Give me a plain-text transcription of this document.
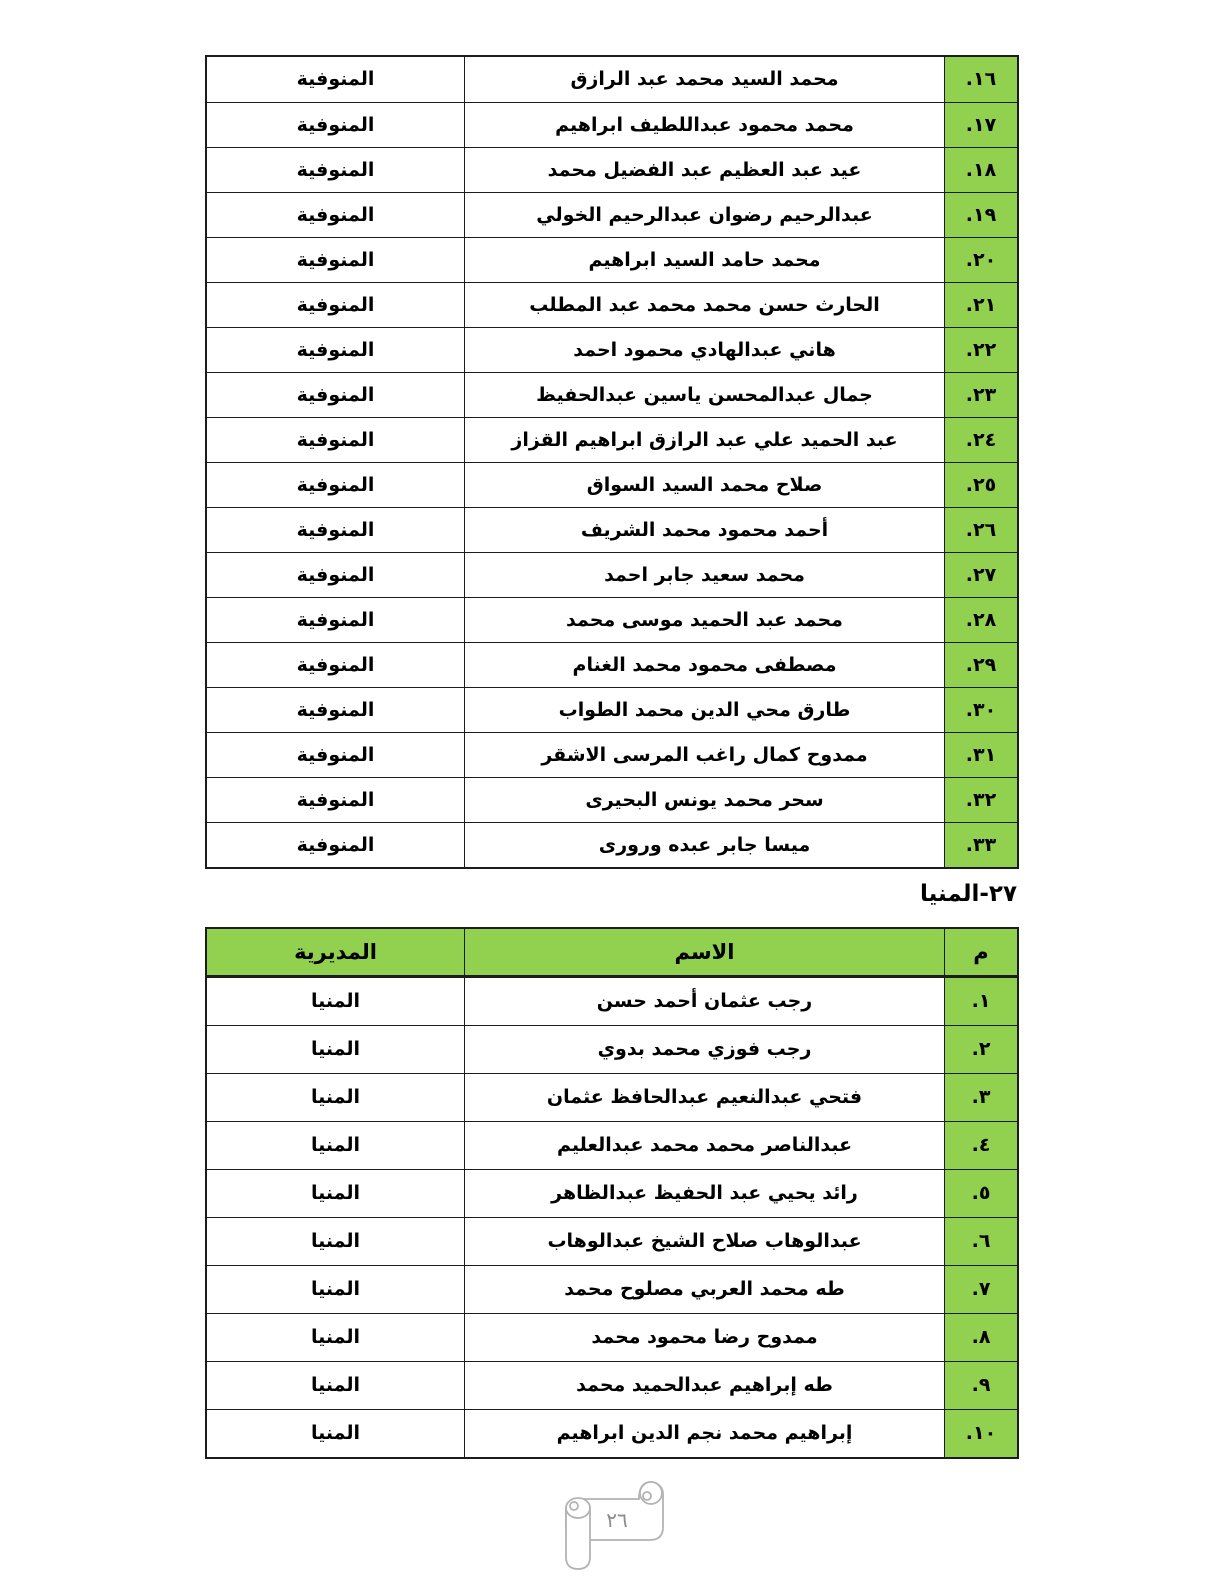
١٦.
محمد السيد محمد عبد الرازق
المنوفية
١٧.
محمد محمود عبداللطيف ابراهيم
المنوفية
١٨.
عيد عبد العظيم عبد الفضيل محمد
المنوفية
١٩.
عبدالرحيم رضوان عبدالرحيم الخولي
المنوفية
٢٠.
محمد حامد السيد ابراهيم
المنوفية
٢١.
الحارث حسن محمد محمد عبد المطلب
المنوفية
٢٢.
هاني عبدالهادي محمود احمد
المنوفية
٢٣.
جمال عبدالمحسن ياسين عبدالحفيظ
المنوفية
٢٤.
عبد الحميد علي عبد الرازق ابراهيم القزاز
المنوفية
٢٥.
صلاح محمد السيد السواق
المنوفية
٢٦.
أحمد محمود محمد الشريف
المنوفية
٢٧.
محمد سعيد جابر احمد
المنوفية
٢٨.
محمد عبد الحميد موسى محمد
المنوفية
٢٩.
مصطفى محمود محمد الغنام
المنوفية
٣٠.
طارق محي الدين محمد الطواب
المنوفية
٣١.
ممدوح كمال راغب المرسى الاشقر
المنوفية
٣٢.
سحر محمد يونس البحيرى
المنوفية
٣٣.
ميسا جابر عبده ورورى
المنوفية
٢٧-المنيا
م
الاسم
المديرية
١.
رجب عثمان أحمد حسن
المنيا
٢.
رجب فوزي محمد بدوي
المنيا
٣.
فتحي عبدالنعيم عبدالحافظ عثمان
المنيا
٤.
عبدالناصر محمد محمد عبدالعليم
المنيا
٥.
رائد يحيي عبد الحفيظ عبدالظاهر
المنيا
٦.
عبدالوهاب صلاح الشيخ عبدالوهاب
المنيا
٧.
طه محمد العربي مصلوح محمد
المنيا
٨.
ممدوح رضا محمود محمد
المنيا
٩.
طه إبراهيم عبدالحميد محمد
المنيا
١٠.
إبراهيم محمد نجم الدين ابراهيم
المنيا
٢٦
